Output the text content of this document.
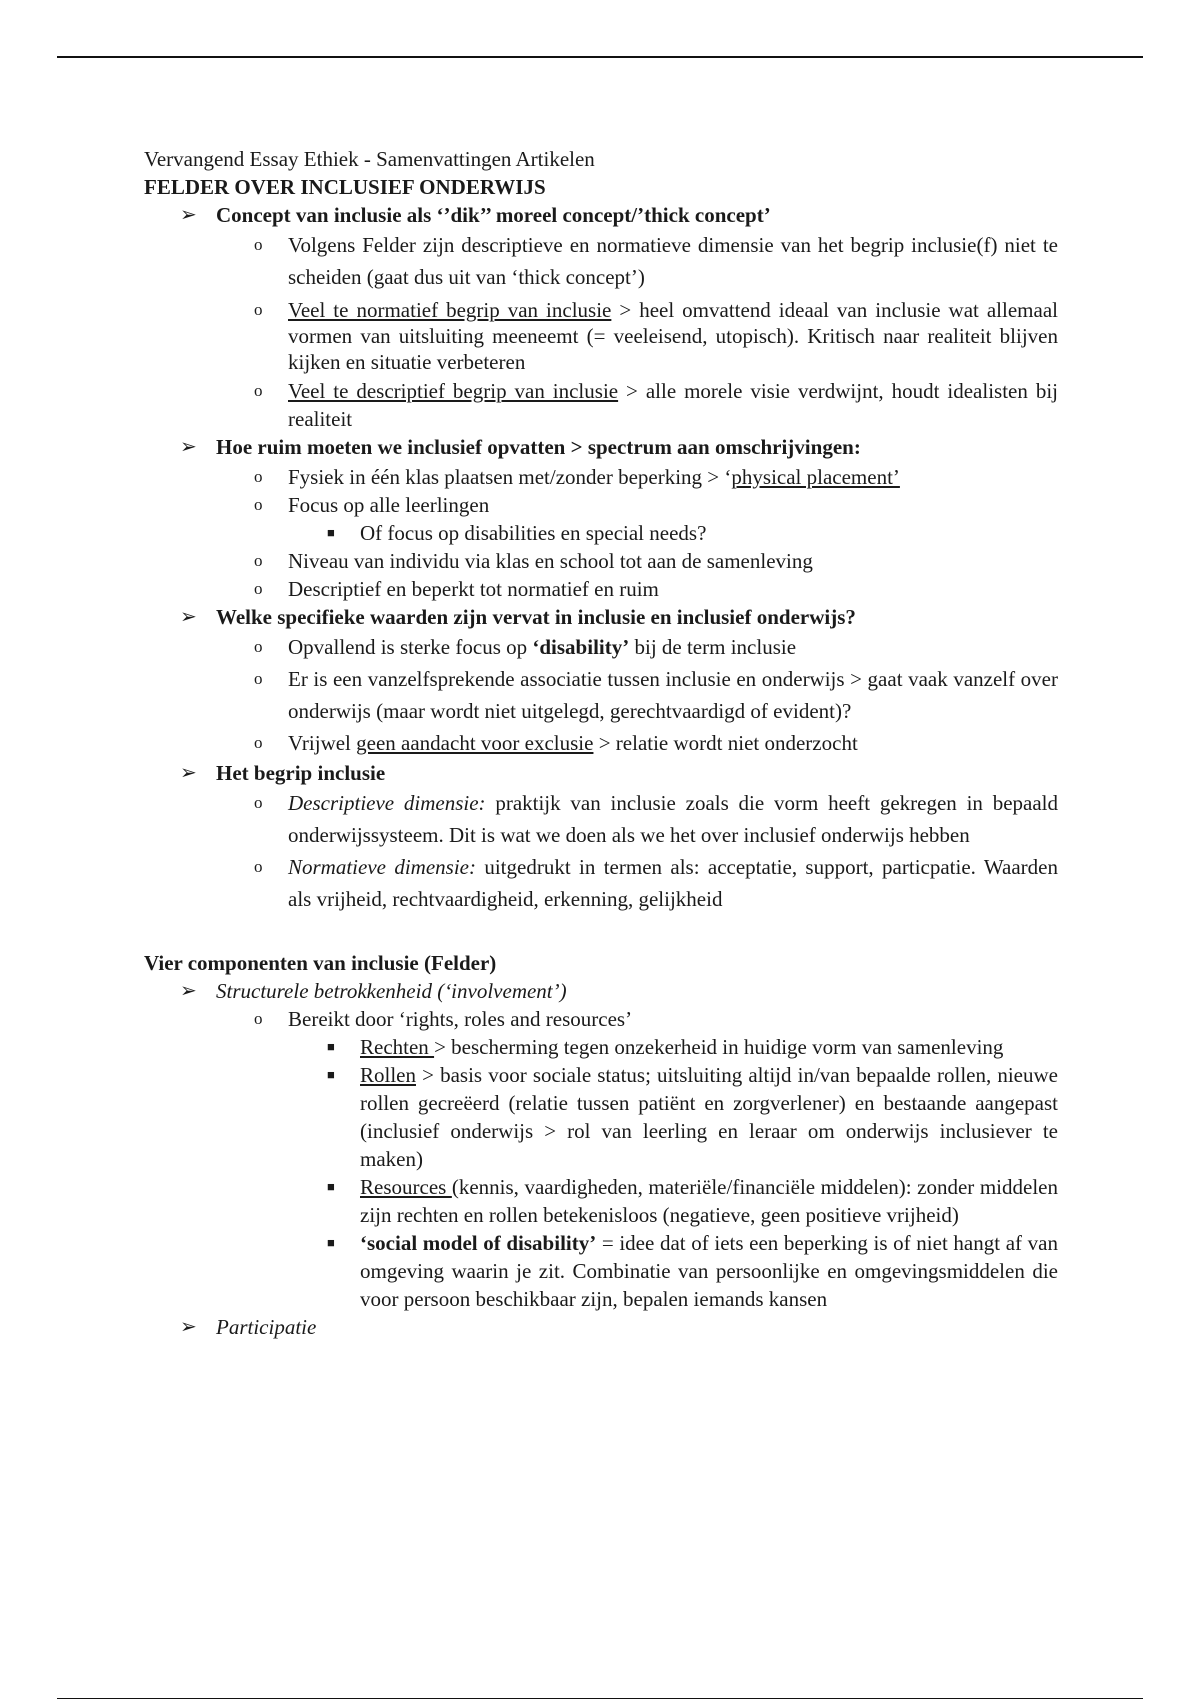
Vervangend Essay Ethiek - Samenvattingen Artikelen

FELDER OVER INCLUSIEF ONDERWIJS

➢ Concept van inclusie als ‘’dik’’ moreel concept/’thick concept’
o Volgens Felder zijn descriptieve en normatieve dimensie van het begrip inclusie(f) niet te scheiden (gaat dus uit van ‘thick concept’)
o Veel te normatief begrip van inclusie > heel omvattend ideaal van inclusie wat allemaal vormen van uitsluiting meeneemt (= veeleisend, utopisch). Kritisch naar realiteit blijven kijken en situatie verbeteren
o Veel te descriptief begrip van inclusie > alle morele visie verdwijnt, houdt idealisten bij realiteit
➢ Hoe ruim moeten we inclusief opvatten > spectrum aan omschrijvingen:
o Fysiek in één klas plaatsen met/zonder beperking > ‘physical placement’
o Focus op alle leerlingen
■ Of focus op disabilities en special needs?
o Niveau van individu via klas en school tot aan de samenleving
o Descriptief en beperkt tot normatief en ruim
➢ Welke specifieke waarden zijn vervat in inclusie en inclusief onderwijs?
o Opvallend is sterke focus op ‘disability’ bij de term inclusie
o Er is een vanzelfsprekende associatie tussen inclusie en onderwijs > gaat vaak vanzelf over onderwijs (maar wordt niet uitgelegd, gerechtvaardigd of evident)?
o Vrijwel geen aandacht voor exclusie > relatie wordt niet onderzocht
➢ Het begrip inclusie
o Descriptieve dimensie: praktijk van inclusie zoals die vorm heeft gekregen in bepaald onderwijssysteem. Dit is wat we doen als we het over inclusief onderwijs hebben
o Normatieve dimensie: uitgedrukt in termen als: acceptatie, support, particpatie. Waarden als vrijheid, rechtvaardigheid, erkenning, gelijkheid

Vier componenten van inclusie (Felder)

➢ Structurele betrokkenheid (‘involvement’)
o Bereikt door ‘rights, roles and resources’
■ Rechten > bescherming tegen onzekerheid in huidige vorm van samenleving
■ Rollen > basis voor sociale status; uitsluiting altijd in/van bepaalde rollen, nieuwe rollen gecreëerd (relatie tussen patiënt en zorgverlener) en bestaande aangepast (inclusief onderwijs > rol van leerling en leraar om onderwijs inclusiever te maken)
■ Resources (kennis, vaardigheden, materiële/financiële middelen): zonder middelen zijn rechten en rollen betekenisloos (negatieve, geen positieve vrijheid)
■ ‘social model of disability’ = idee dat of iets een beperking is of niet hangt af van omgeving waarin je zit. Combinatie van persoonlijke en omgevingsmiddelen die voor persoon beschikbaar zijn, bepalen iemands kansen
➢ Participatie
